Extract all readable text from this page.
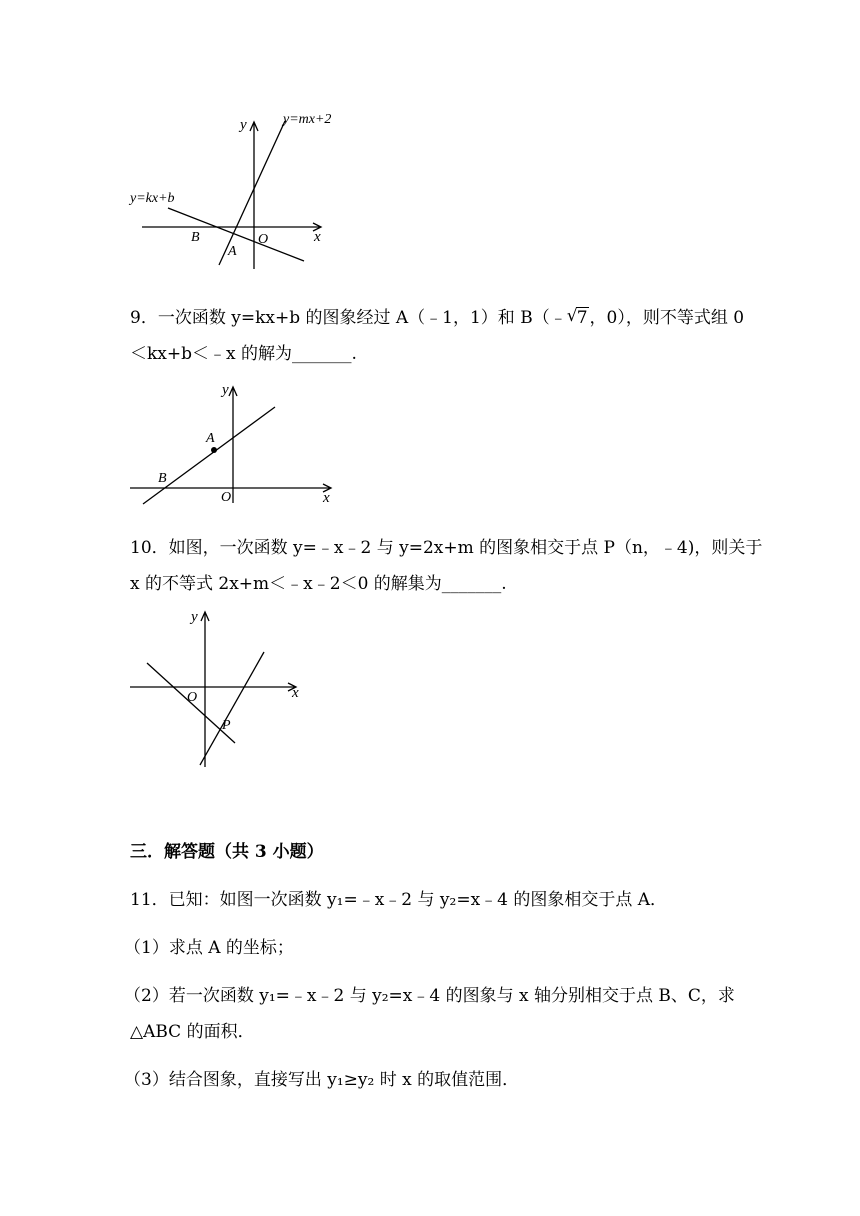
y	y=mx+2
y=kx+b
B	O	x
A
9．一次函数 y=kx+b 的图象经过 A（﹣1，1）和 B（﹣ √ 7 ，0），则不等式组 0
＜kx+b＜﹣x 的解为_______.
y
A
B
O	x
10．如图，一次函数 y=﹣x﹣2 与 y=2x+m 的图象相交于点 P（n，﹣4)，则关于
x 的不等式 2x+m＜﹣x﹣2＜0 的解集为_______.
y
O	x
P
三．解答题（共 3 小题）
11．已知：如图一次函数 y₁=﹣x﹣2 与 y₂=x﹣4 的图象相交于点 A．
（1）求点 A 的坐标；
（2）若一次函数 y₁=﹣x﹣2 与 y₂=x﹣4 的图象与 x 轴分别相交于点 B、C，求
△ABC 的面积．
（3）结合图象，直接写出 y₁≥y₂ 时 x 的取值范围．
